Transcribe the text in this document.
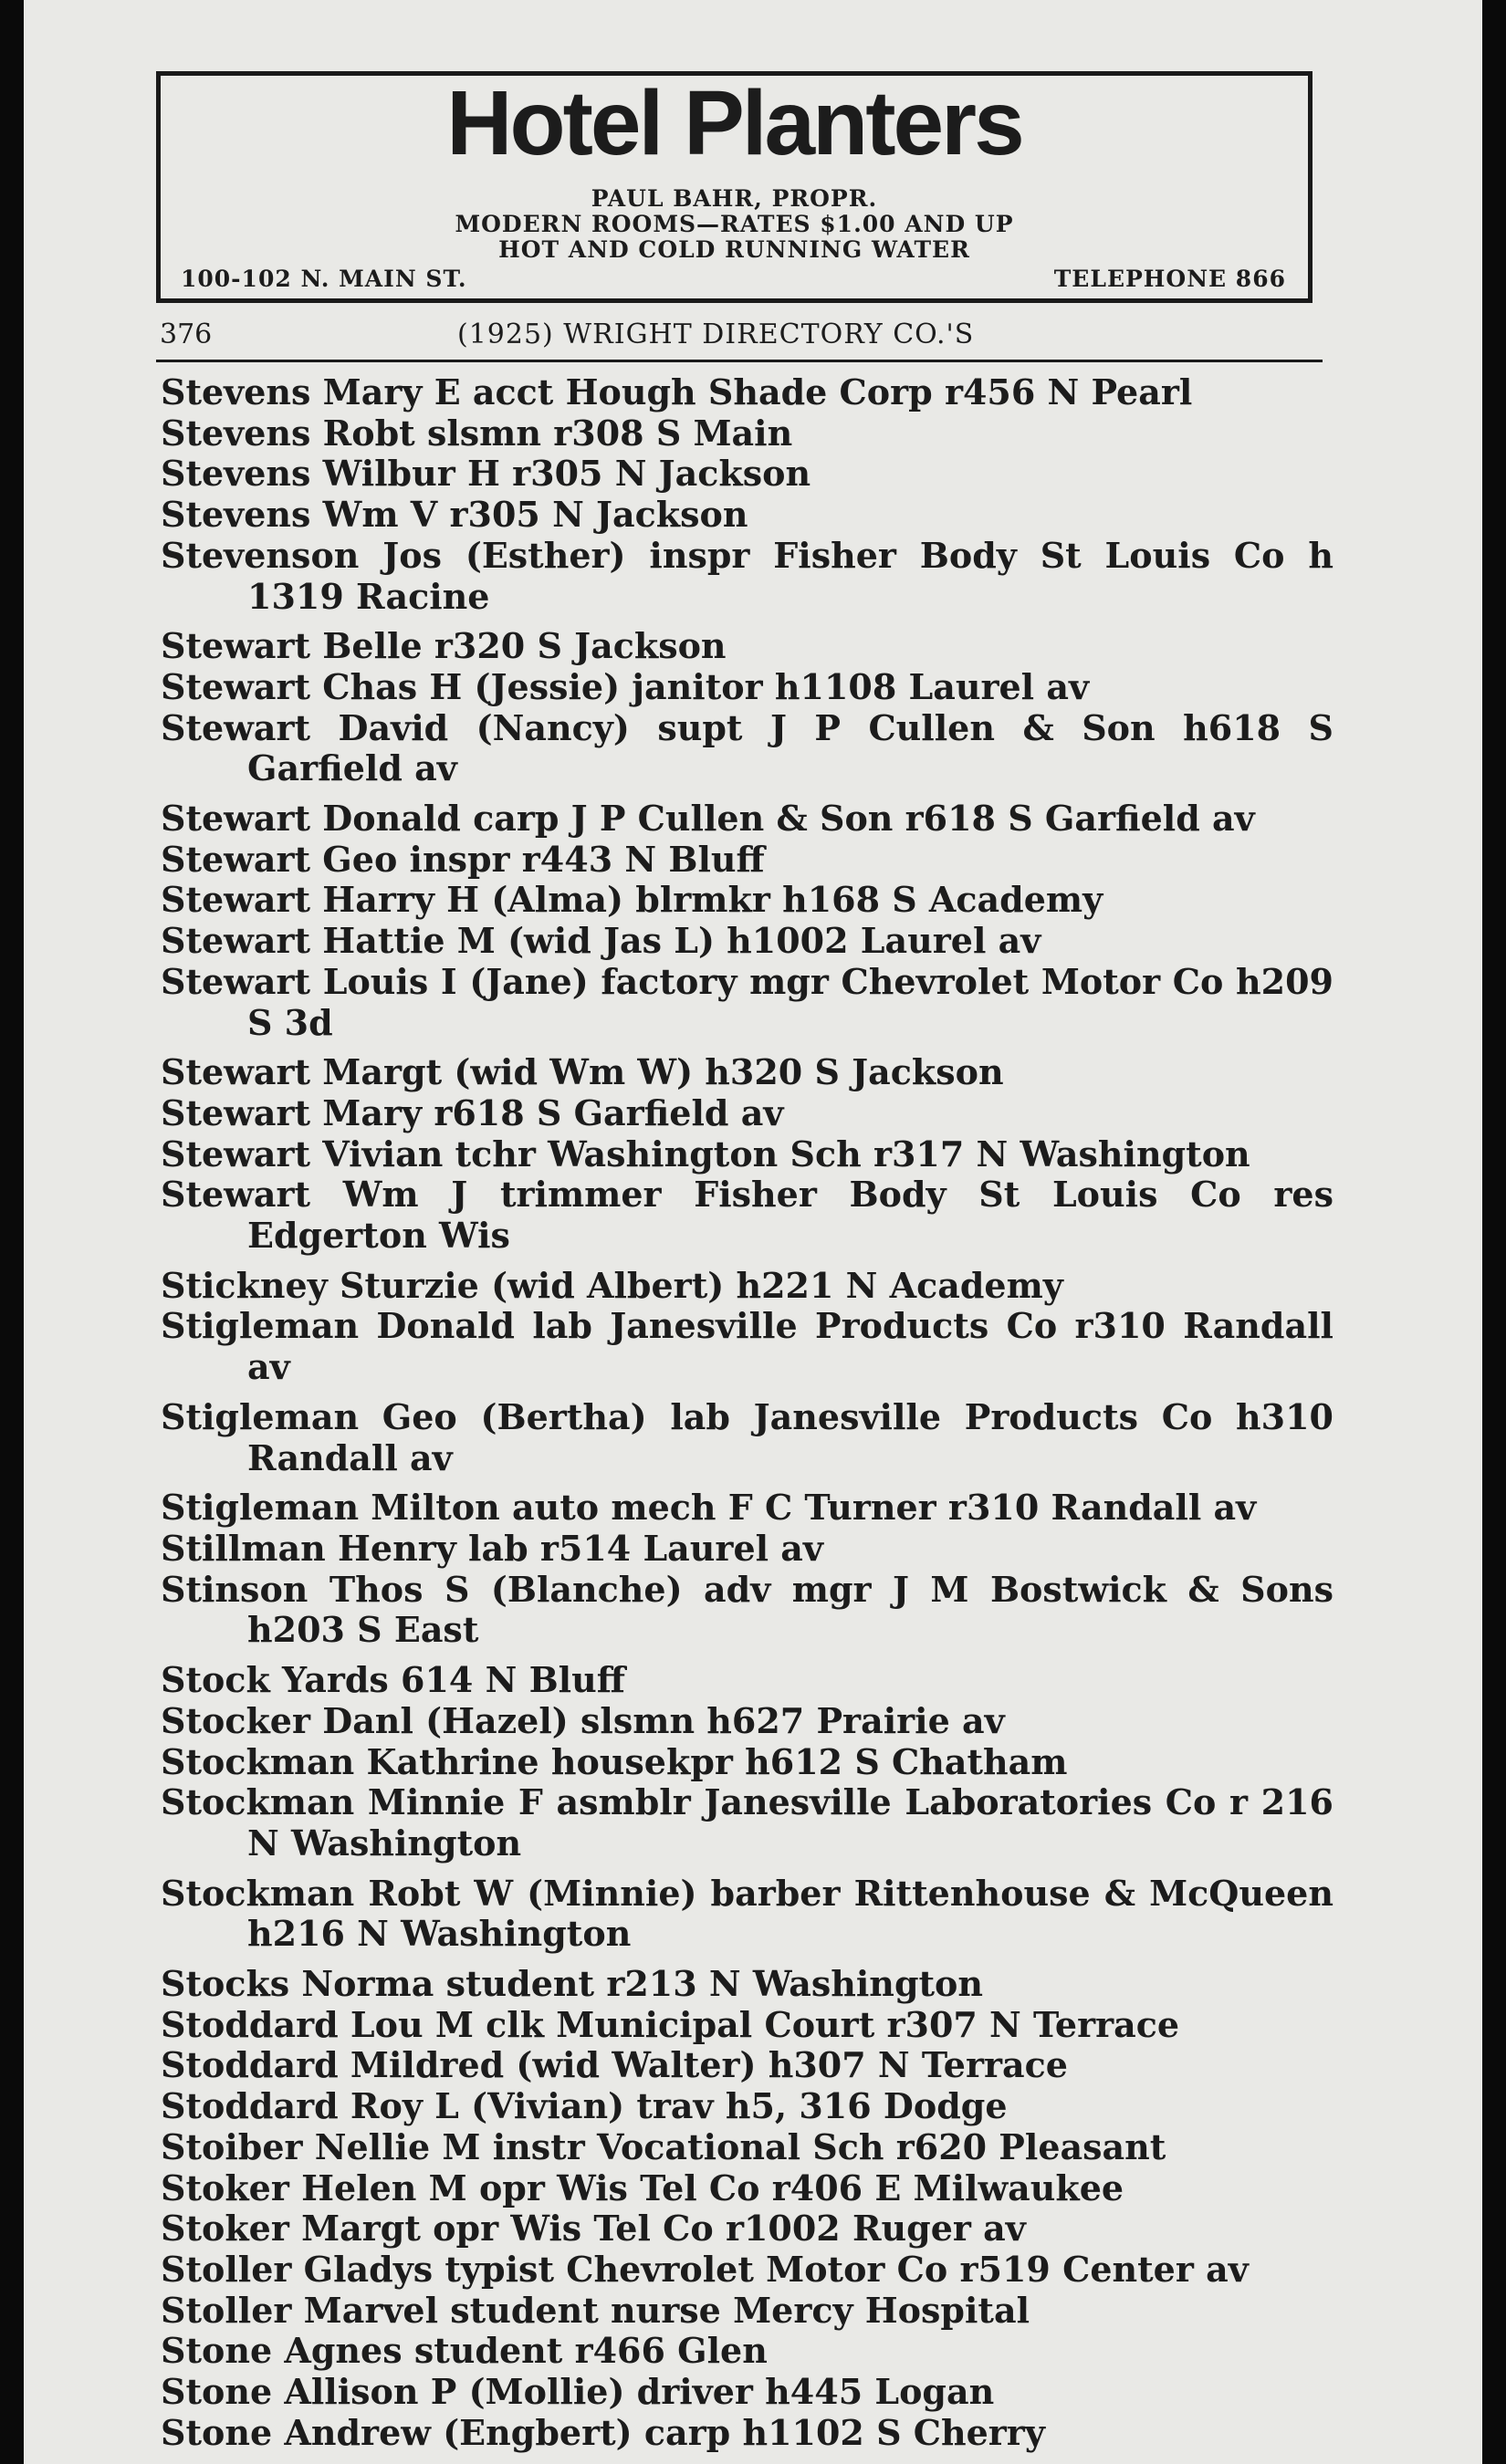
Hotel Planters
PAUL BAHR, PROPR.
MODERN ROOMS—RATES $1.00 AND UP
HOT AND COLD RUNNING WATER
100-102 N. MAIN ST.	TELEPHONE 866
376	(1925) WRIGHT DIRECTORY CO.'S
Stevens Mary E acct Hough Shade Corp r456 N Pearl
Stevens Robt slsmn r308 S Main
Stevens Wilbur H r305 N Jackson
Stevens Wm V r305 N Jackson
Stevenson Jos (Esther) inspr Fisher Body St Louis Co h 1319 Racine
Stewart Belle r320 S Jackson
Stewart Chas H (Jessie) janitor h1108 Laurel av
Stewart David (Nancy) supt J P Cullen & Son h618 S Garfield av
Stewart Donald carp J P Cullen & Son r618 S Garfield av
Stewart Geo inspr r443 N Bluff
Stewart Harry H (Alma) blrmkr h168 S Academy
Stewart Hattie M (wid Jas L) h1002 Laurel av
Stewart Louis I (Jane) factory mgr Chevrolet Motor Co h209 S 3d
Stewart Margt (wid Wm W) h320 S Jackson
Stewart Mary r618 S Garfield av
Stewart Vivian tchr Washington Sch r317 N Washington
Stewart Wm J trimmer Fisher Body St Louis Co res Edgerton Wis
Stickney Sturzie (wid Albert) h221 N Academy
Stigleman Donald lab Janesville Products Co r310 Randall av
Stigleman Geo (Bertha) lab Janesville Products Co h310 Randall av
Stigleman Milton auto mech F C Turner r310 Randall av
Stillman Henry lab r514 Laurel av
Stinson Thos S (Blanche) adv mgr J M Bostwick & Sons h203 S East
Stock Yards 614 N Bluff
Stocker Danl (Hazel) slsmn h627 Prairie av
Stockman Kathrine housekpr h612 S Chatham
Stockman Minnie F asmblr Janesville Laboratories Co r 216 N Washington
Stockman Robt W (Minnie) barber Rittenhouse & McQueen h216 N Washington
Stocks Norma student r213 N Washington
Stoddard Lou M clk Municipal Court r307 N Terrace
Stoddard Mildred (wid Walter) h307 N Terrace
Stoddard Roy L (Vivian) trav h5, 316 Dodge
Stoiber Nellie M instr Vocational Sch r620 Pleasant
Stoker Helen M opr Wis Tel Co r406 E Milwaukee
Stoker Margt opr Wis Tel Co r1002 Ruger av
Stoller Gladys typist Chevrolet Motor Co r519 Center av
Stoller Marvel student nurse Mercy Hospital
Stone Agnes student r466 Glen
Stone Allison P (Mollie) driver h445 Logan
Stone Andrew (Engbert) carp h1102 S Cherry
